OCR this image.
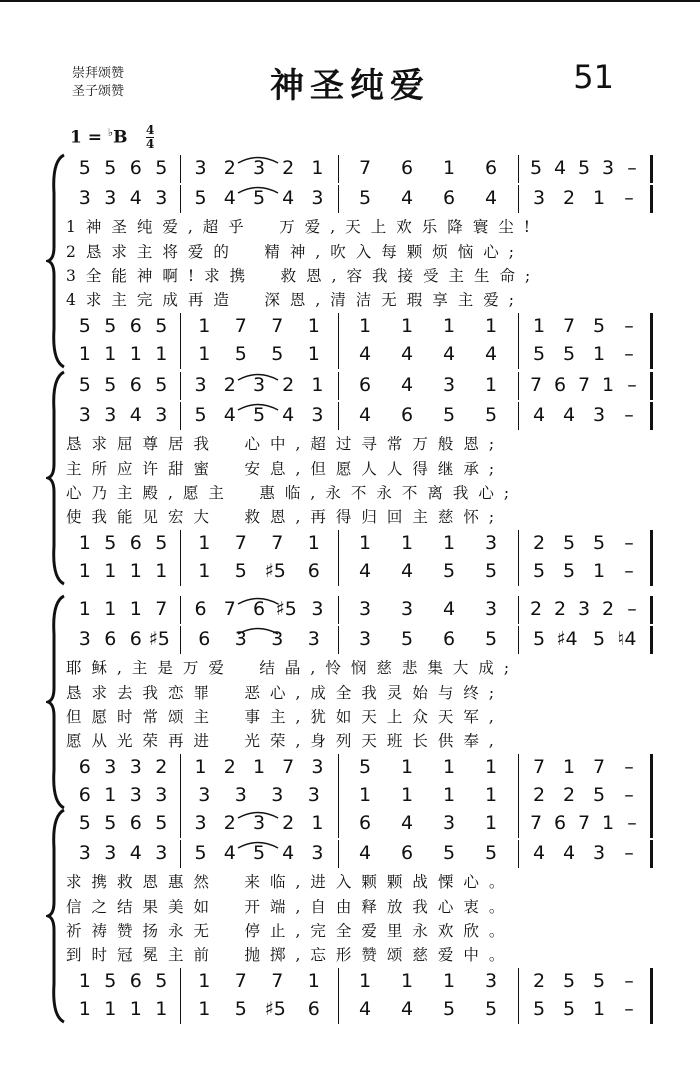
崇拜颂赞
圣子颂赞	神圣纯爱	51
1 = ♭B 4
4
5 5 6 5 3 2 3 2 1 7 6 1 6 5 4 5 3 –
3 3 4 3 5 4 5 4 3 5 4 6 4 3 2 1 –
1神圣纯爱,超乎　万爱,天上欢乐降寰尘!
2恳求主将爱的　精神,吹入每颗烦恼心;
3全能神啊!求携　救恩,容我接受主生命;
4求主完成再造　深恩,清洁无瑕享主爱;
5 5 6 5 1 7 7 1 1 1 1 1 1 7 5 –
1 1 1 1 1 5 5 1 4 4 4 4 5 5 1 –
5 5 6 5 3 2 3 2 1 6 4 3 1 7 6 7 1 –
3 3 4 3 5 4 5 4 3 4 6 5 5 4 4 3 –
恳求屈尊居我　心中,超过寻常万般恩;
主所应许甜蜜　安息,但愿人人得继承;
心乃主殿,愿主　惠临,永不永不离我心;
使我能见宏大　救恩,再得归回主慈怀;
1 5 6 5 1 7 7 1 1 1 1 3 2 5 5 –
1 1 1 1 1 5 ♯5 6 4 4 5 5 5 5 1 –
1 1 1 7 6 7 6 ♯5 3 3 3 4 3 2 2 3 2 –
3 6 6 ♯5 6 3 3 3 3 5 6 5 5 ♯4 5 ♮4
耶稣,主是万爱　结晶,怜悯慈悲集大成;
恳求去我恋罪　恶心,成全我灵始与终;
但愿时常颂主　事主,犹如天上众天军,
愿从光荣再进　光荣,身列天班长供奉,
6 3 3 2 1 2 1 7 3 5 1 1 1 7 1 7 –
6 1 3 3 3 3 3 3 1 1 1 1 2 2 5 –
5 5 6 5 3 2 3 2 1 6 4 3 1 7 6 7 1 –
3 3 4 3 5 4 5 4 3 4 6 5 5 4 4 3 –
求携救恩惠然　来临,进入颗颗战慄心。
信之结果美如　开端,自由释放我心衷。
祈祷赞扬永无　停止,完全爱里永欢欣。
到时冠冕主前　抛掷,忘形赞颂慈爱中。
1 5 6 5 1 7 7 1 1 1 1 3 2 5 5 –
1 1 1 1 1 5 ♯5 6 4 4 5 5 5 5 1 –
